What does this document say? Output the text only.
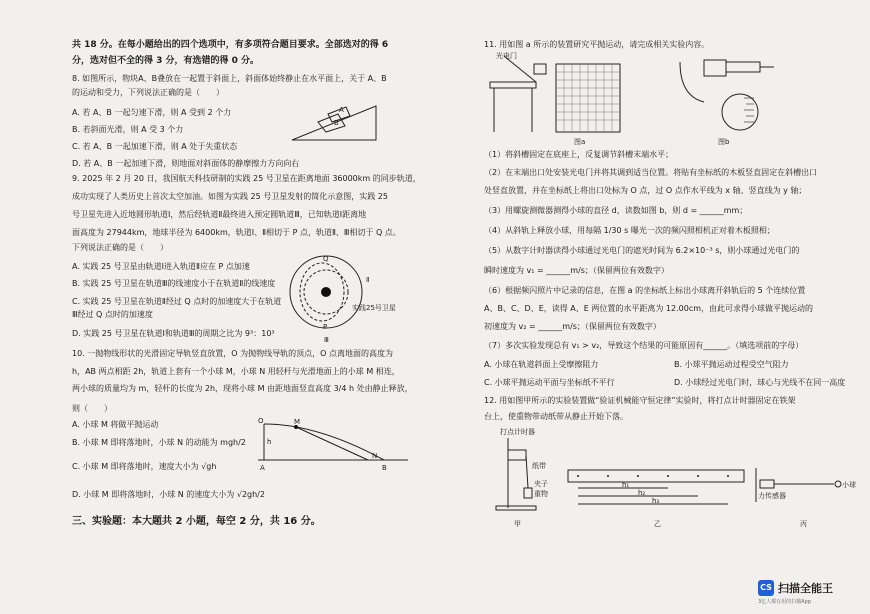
共 18 分。在每小题给出的四个选项中，有多项符合题目要求。全部选对的得 6
分，选对但不全的得 3 分，有选错的得 0 分。
8. 如图所示，物块A、B叠放在一起置于斜面上，斜面体始终静止在水平面上，关于 A、B
的运动和受力，下列说法正确的是（　　）
A. 若 A、B 一起匀速下滑，则 A 受到 2 个力
B. 若斜面光滑，则 A 受 3 个力
C. 若 A、B 一起加速下滑，则 A 处于失重状态
D. 若 A、B 一起加速下滑，则地面对斜面体的静摩擦力方向向右
A
B
9. 2025 年 2 月 20 日，我国航天科技研制的实践 25 号卫星在距离地面 36000km 的同步轨道，
成功实现了人类历史上首次太空加油。如图为实践 25 号卫星发射的简化示意图，实践 25
号卫星先进入近地圆形轨道Ⅰ，然后经轨道Ⅱ最终进入预定圆轨道Ⅲ，已知轨道Ⅰ距离地
面高度为 27944km，地球半径为 6400km，轨道Ⅰ、Ⅱ相切于 P 点，轨道Ⅱ、Ⅲ相切于 Q 点。
下列说法正确的是（　　）
A. 实践 25 号卫星由轨道Ⅰ进入轨道Ⅱ应在 P 点加速
B. 实践 25 号卫星在轨道Ⅲ的线速度小于在轨道Ⅱ的线速度
C. 实践 25 号卫星在轨道Ⅱ经过 Q 点时的加速度大于在轨道
Ⅲ经过 Q 点时的加速度
D. 实践 25 号卫星在轨道Ⅰ和轨道Ⅲ的周期之比为 9³：10³
Q
P
Ⅱ
Ⅲ
实践25号卫星
10. 一抛物线形状的光滑固定导轨竖直放置，O 为抛物线导轨的顶点，O 点离地面的高度为
h，AB 两点相距 2h，轨道上套有一个小球 M，小球 N 用轻杆与光滑地面上的小球 M 相连，
两小球的质量均为 m，轻杆的长度为 2h，现将小球 M 由距地面竖直高度 3/4 h 处由静止释放，
则（　　）
A. 小球 M 将做平抛运动
B. 小球 M 即将落地时，小球 N 的动能为 mgh/2
C. 小球 M 即将落地时，速度大小为 √gh
D. 小球 M 即将落地时，小球 N 的速度大小为 √2gh/2
O	M
N
A	B
h
三、实验题：本大题共 2 小题，每空 2 分，共 16 分。
11. 用如图 a 所示的装置研究平抛运动，请完成相关实验内容。
光电门
图a	图b
（1）将斜槽固定在底座上，反复调节斜槽末端水平；
（2）在末端出口处安装光电门并将其调到适当位置。将贴有坐标纸的木板竖直固定在斜槽出口
处竖直放置，并在坐标纸上将出口处标为 O 点，过 O 点作水平线为 x 轴、竖直线为 y 轴；
（3）用螺旋测微器测得小球的直径 d，读数如图 b，则 d = ______mm；
（4）从斜轨上释放小球，用每隔 1/30 s 曝光一次的频闪照相机正对着木板照相；
（5）从数字计时器读得小球通过光电门的遮光时间为 6.2×10⁻³ s，则小球通过光电门的
瞬时速度为 v₁ = ______m/s；（保留两位有效数字）
（6）根据频闪照片中记录的信息，在图 a 的坐标纸上标出小球离开斜轨后的 5 个连续位置
A、B、C、D、E，读得 A、E 两位置的水平距离为 12.00cm，由此可求得小球做平抛运动的
初速度为 v₂ = ______m/s；（保留两位有效数字）
（7）多次实验发现总有 v₁ > v₂，导致这个结果的可能原因有______。（填选项前的字母）
A. 小球在轨道斜面上受摩擦阻力	B. 小球平抛运动过程受空气阻力
C. 小球平抛运动平面与坐标纸不平行	D. 小球经过光电门时，球心与光线不在同一高度
12. 用如图甲所示的实验装置做“验证机械能守恒定律”实验时，将打点计时器固定在铁架
台上，使重物带动纸带从静止开始下落。
打点计时器
纸带
夹子
重物
甲
h₁
h₂
h₃
乙
力传感器
小球
丙
CS 扫描全能王
3亿人都在用的扫描App
